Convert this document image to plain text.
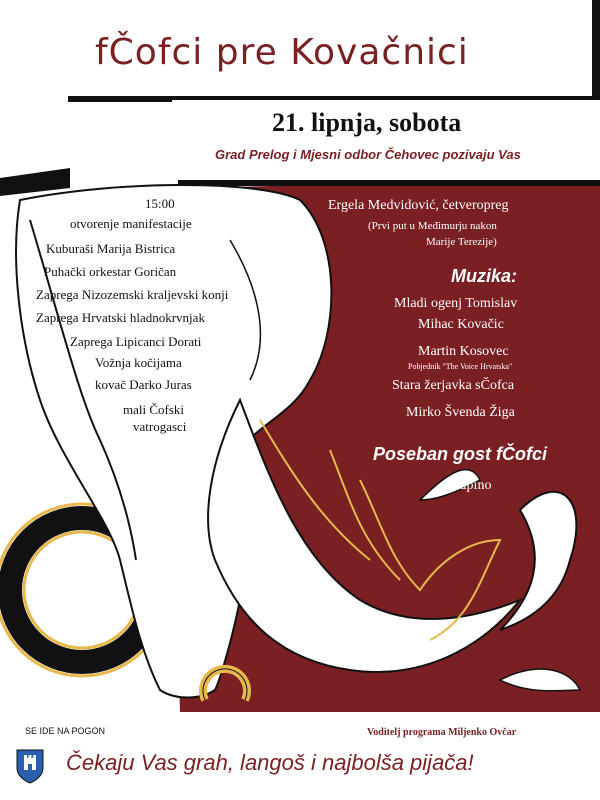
fČofci pre Kovačnici
21. lipnja, sobota
Grad Prelog i Mjesni odbor Čehovec pozivaju Vas
15:00
otvorenje manifestacije
Kuburaši Marija Bistrica
Puhački orkestar Goričan
Zaprega Nizozemski kraljevski konji
Zaprega Hrvatski hladnokrvnjak
Zaprega Lipicanci Dorati
Vožnja kočijama
kovač Darko Juras
mali Čofski
vatrogasci
Ergela Medvidović, četveropreg
(Prvi put u Međimurju nakon
Marije Terezije)
Muzika:
Mladi ogenj Tomislav
Mihac Kovačic
Martin Kosovec
Pobjednik "The Voice Hrvatska"
Stara žerjavka sČofca
Mirko Švenda Žiga
Poseban gost fČofci
Lupino
SE IDE NA POGON	Voditelj programa Miljenko Ovčar
Čekaju Vas grah, langoš i najbolša pijača!
